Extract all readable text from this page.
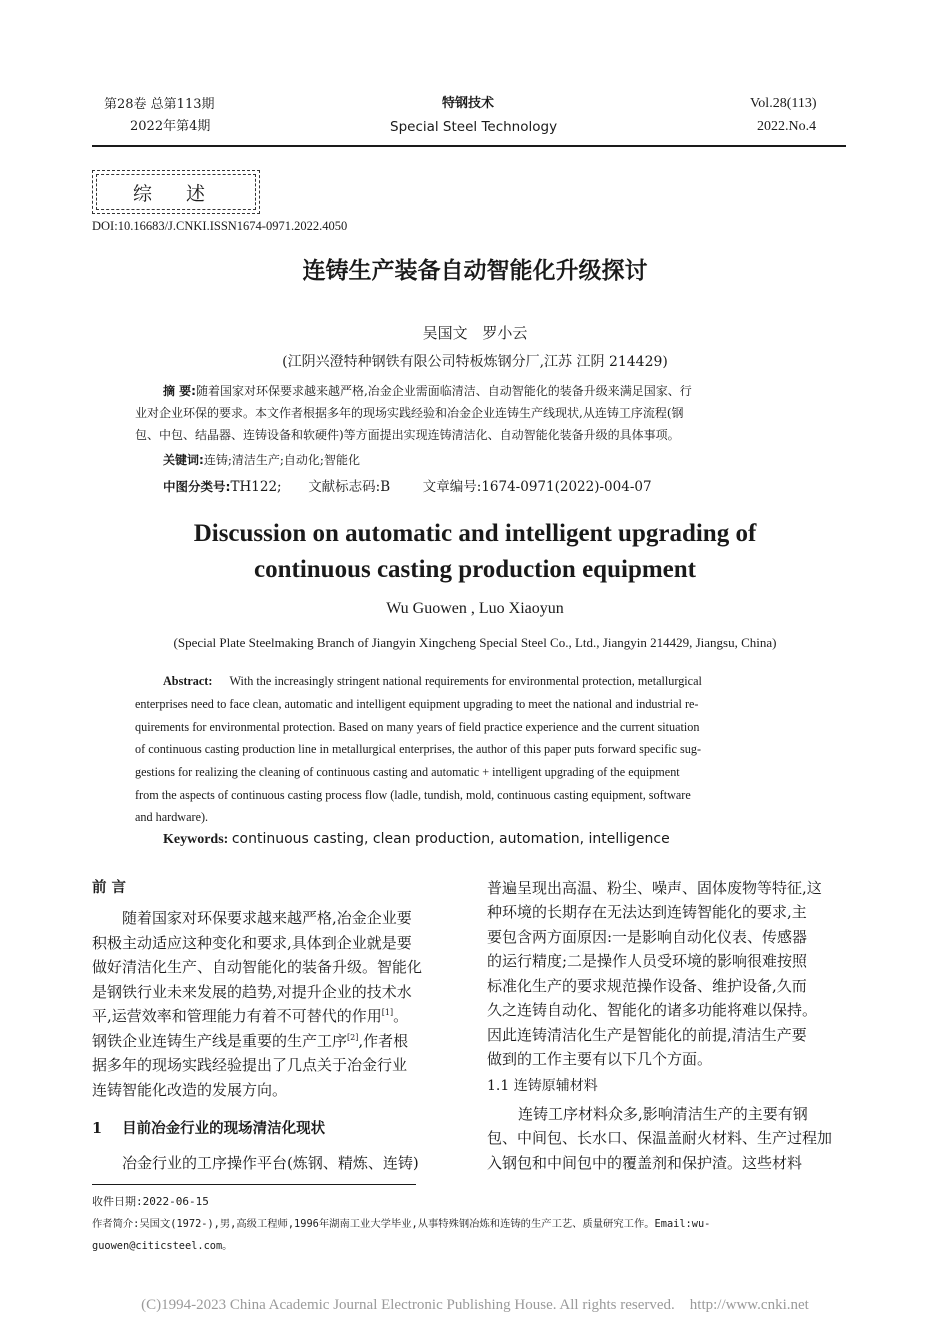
第28卷 总第113期
2022年第4期
特钢技术
Special Steel Technology
Vol.28(113)
2022.No.4
综 述
DOI:10.16683/J.CNKI.ISSN1674-0971.2022.4050
连铸生产装备自动智能化升级探讨
吴国文 罗小云
(江阴兴澄特种钢铁有限公司特板炼钢分厂,江苏 江阴 214429)
摘 要:随着国家对环保要求越来越严格,冶金企业需面临清洁、自动智能化的装备升级来满足国家、行
业对企业环保的要求。本文作者根据多年的现场实践经验和冶金企业连铸生产线现状,从连铸工序流程(钢
包、中包、结晶器、连铸设备和软硬件)等方面提出实现连铸清洁化、自动智能化装备升级的具体事项。
关键词:连铸;清洁生产;自动化;智能化
中图分类号:TH122; 文献标志码:B 文章编号:1674-0971(2022)-004-07
Discussion on automatic and intelligent upgrading of
continuous casting production equipment
Wu Guowen , Luo Xiaoyun
(Special Plate Steelmaking Branch of Jiangyin Xingcheng Special Steel Co., Ltd., Jiangyin 214429, Jiangsu, China)
Abstract: With the increasingly stringent national requirements for environmental protection, metallurgical
enterprises need to face clean, automatic and intelligent equipment upgrading to meet the national and industrial re-
quirements for environmental protection. Based on many years of field practice experience and the current situation
of continuous casting production line in metallurgical enterprises, the author of this paper puts forward specific sug-
gestions for realizing the cleaning of continuous casting and automatic + intelligent upgrading of the equipment
from the aspects of continuous casting process flow (ladle, tundish, mold, continuous casting equipment, software
and hardware).
Keywords: continuous casting, clean production, automation, intelligence
前 言
随着国家对环保要求越来越严格,冶金企业要
积极主动适应这种变化和要求,具体到企业就是要
做好清洁化生产、自动智能化的装备升级。智能化
是钢铁行业未来发展的趋势,对提升企业的技术水
平,运营效率和管理能力有着不可替代的作用[1]。
钢铁企业连铸生产线是重要的生产工序[2],作者根
据多年的现场实践经验提出了几点关于冶金行业
连铸智能化改造的发展方向。
1 目前冶金行业的现场清洁化现状
冶金行业的工序操作平台(炼钢、精炼、连铸)
普遍呈现出高温、粉尘、噪声、固体废物等特征,这
种环境的长期存在无法达到连铸智能化的要求,主
要包含两方面原因:一是影响自动化仪表、传感器
的运行精度;二是操作人员受环境的影响很难按照
标准化生产的要求规范操作设备、维护设备,久而
久之连铸自动化、智能化的诸多功能将难以保持。
因此连铸清洁化生产是智能化的前提,清洁生产要
做到的工作主要有以下几个方面。
1.1 连铸原辅材料
连铸工序材料众多,影响清洁生产的主要有钢
包、中间包、长水口、保温盖耐火材料、生产过程加
入钢包和中间包中的覆盖剂和保护渣。这些材料
收件日期:2022-06-15
作者简介:吴国文(1972-),男,高级工程师,1996年湖南工业大学毕业,从事特殊钢冶炼和连铸的生产工艺、质量研究工作。Email:wu-
guowen@citicsteel.com。
(C)1994-2023 China Academic Journal Electronic Publishing House. All rights reserved.    http://www.cnki.net
